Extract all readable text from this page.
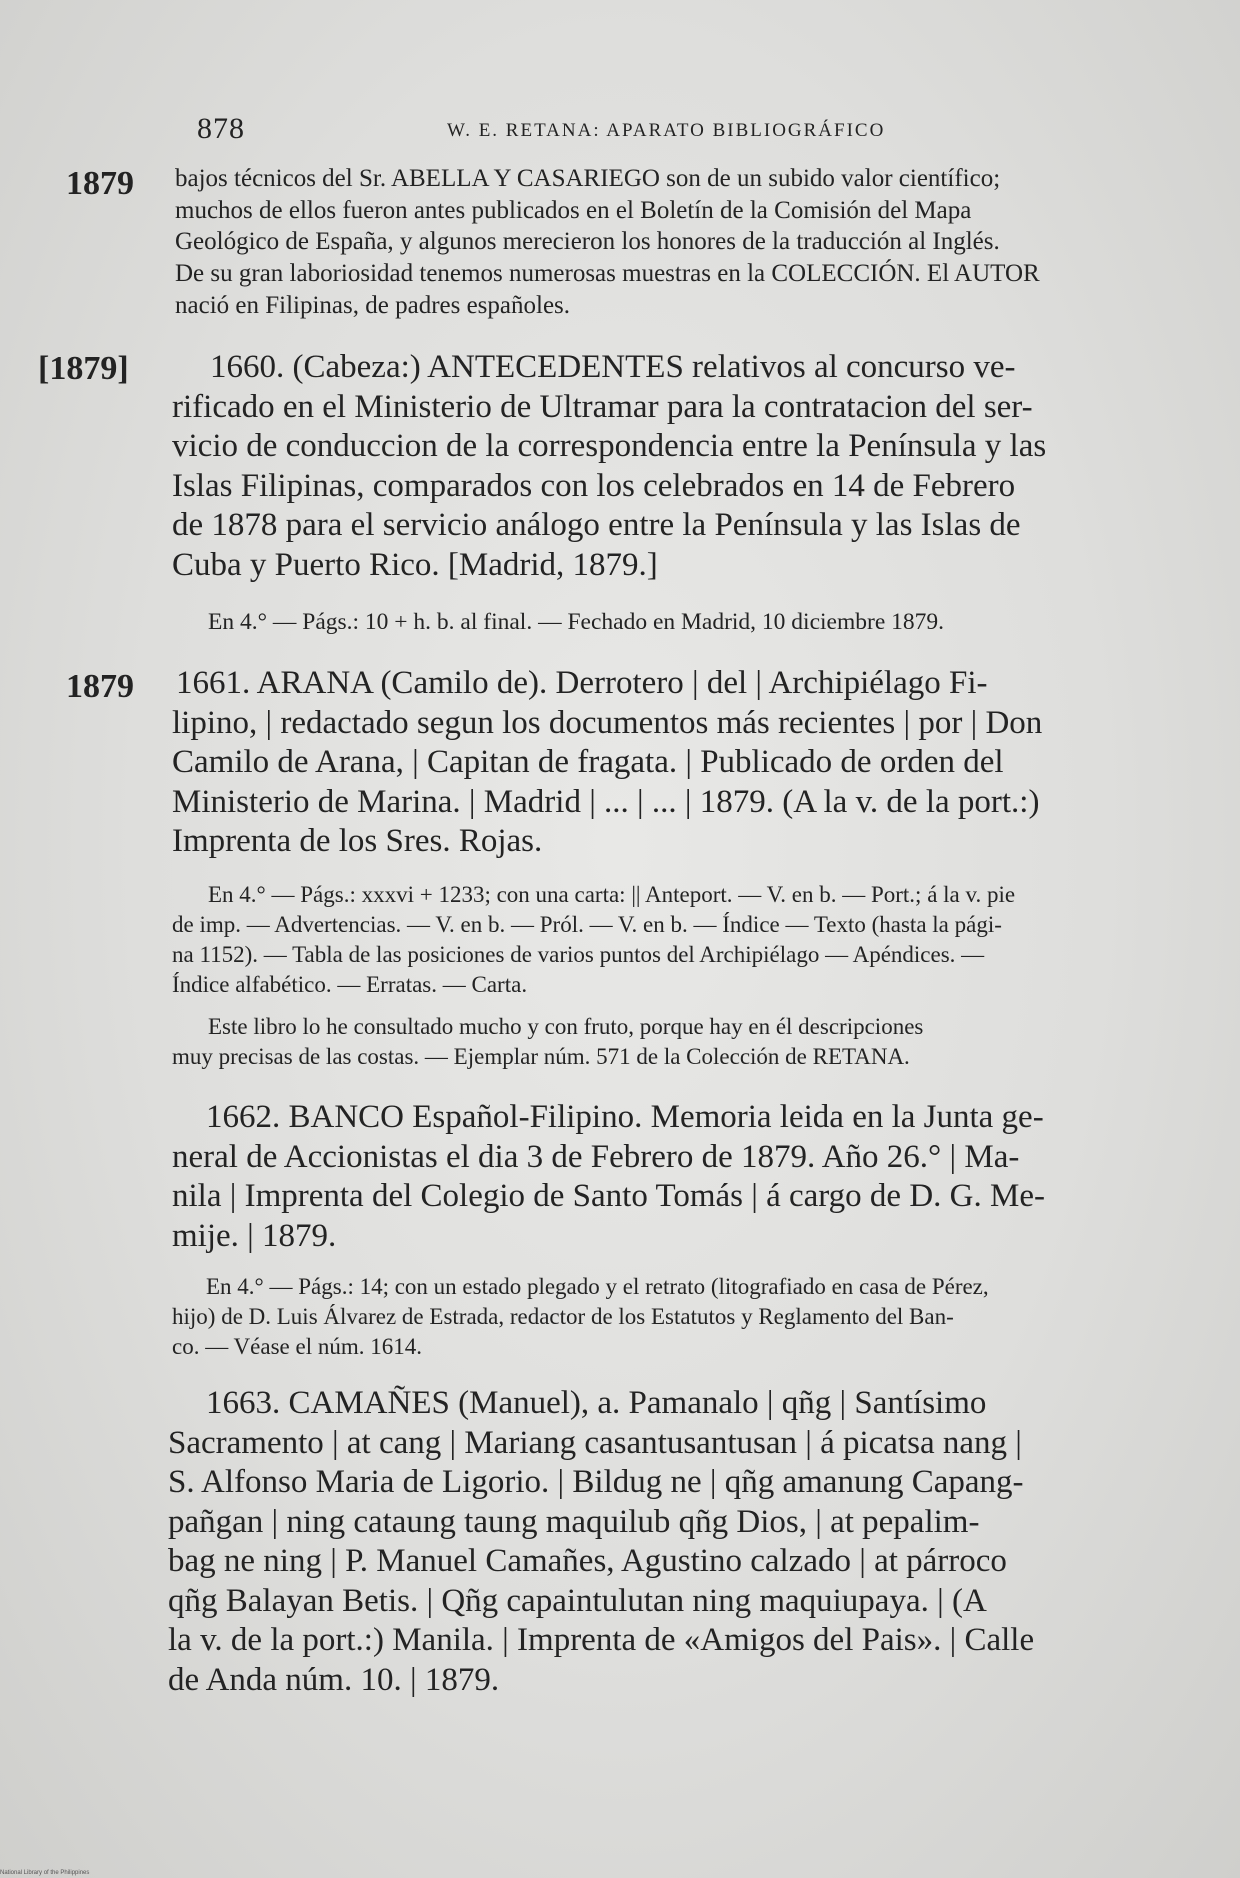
878	W. E. RETANA: APARATO BIBLIOGRÁFICO
1879 bajos técnicos del Sr. ABELLA Y CASARIEGO son de un subido valor científico;
muchos de ellos fueron antes publicados en el Boletín de la Comisión del Mapa
Geológico de España, y algunos merecieron los honores de la traducción al Inglés.
De su gran laboriosidad tenemos numerosas muestras en la COLECCIÓN. El AUTOR
nació en Filipinas, de padres españoles.
[1879]	1660. (Cabeza:) ANTECEDENTES relativos al concurso ve-
rificado en el Ministerio de Ultramar para la contratacion del ser-
vicio de conduccion de la correspondencia entre la Península y las
Islas Filipinas, comparados con los celebrados en 14 de Febrero
de 1878 para el servicio análogo entre la Península y las Islas de
Cuba y Puerto Rico. [Madrid, 1879.]
En 4.° — Págs.: 10 + h. b. al final. — Fechado en Madrid, 10 diciembre 1879.
1879 1661. ARANA (Camilo de). Derrotero | del | Archipiélago Fi-
lipino, | redactado segun los documentos más recientes | por | Don
Camilo de Arana, | Capitan de fragata. | Publicado de orden del
Ministerio de Marina. | Madrid | ... | ... | 1879. (A la v. de la port.:)
Imprenta de los Sres. Rojas.
En 4.° — Págs.: xxxvi + 1233; con una carta: || Anteport. — V. en b. — Port.; á la v. pie
de imp. — Advertencias. — V. en b. — Pról. — V. en b. — Índice — Texto (hasta la pági-
na 1152). — Tabla de las posiciones de varios puntos del Archipiélago — Apéndices. —
Índice alfabético. — Erratas. — Carta.
Este libro lo he consultado mucho y con fruto, porque hay en él descripciones
muy precisas de las costas. — Ejemplar núm. 571 de la Colección de RETANA.
1662. BANCO Español-Filipino. Memoria leida en la Junta ge-
neral de Accionistas el dia 3 de Febrero de 1879. Año 26.° | Ma-
nila | Imprenta del Colegio de Santo Tomás | á cargo de D. G. Me-
mije. | 1879.
En 4.° — Págs.: 14; con un estado plegado y el retrato (litografiado en casa de Pérez,
hijo) de D. Luis Álvarez de Estrada, redactor de los Estatutos y Reglamento del Ban-
co. — Véase el núm. 1614.
1663. CAMAÑES (Manuel), a. Pamanalo | qñg | Santísimo
Sacramento | at cang | Mariang casantusantusan | á picatsa nang |
S. Alfonso Maria de Ligorio. | Bildug ne | qñg amanung Capang-
pañgan | ning cataung taung maquilub qñg Dios, | at pepalim-
bag ne ning | P. Manuel Camañes, Agustino calzado | at párroco
qñg Balayan Betis. | Qñg capaintulutan ning maquiupaya. | (A
la v. de la port.:) Manila. | Imprenta de «Amigos del Pais». | Calle
de Anda núm. 10. | 1879.
National Library of the Philippines
